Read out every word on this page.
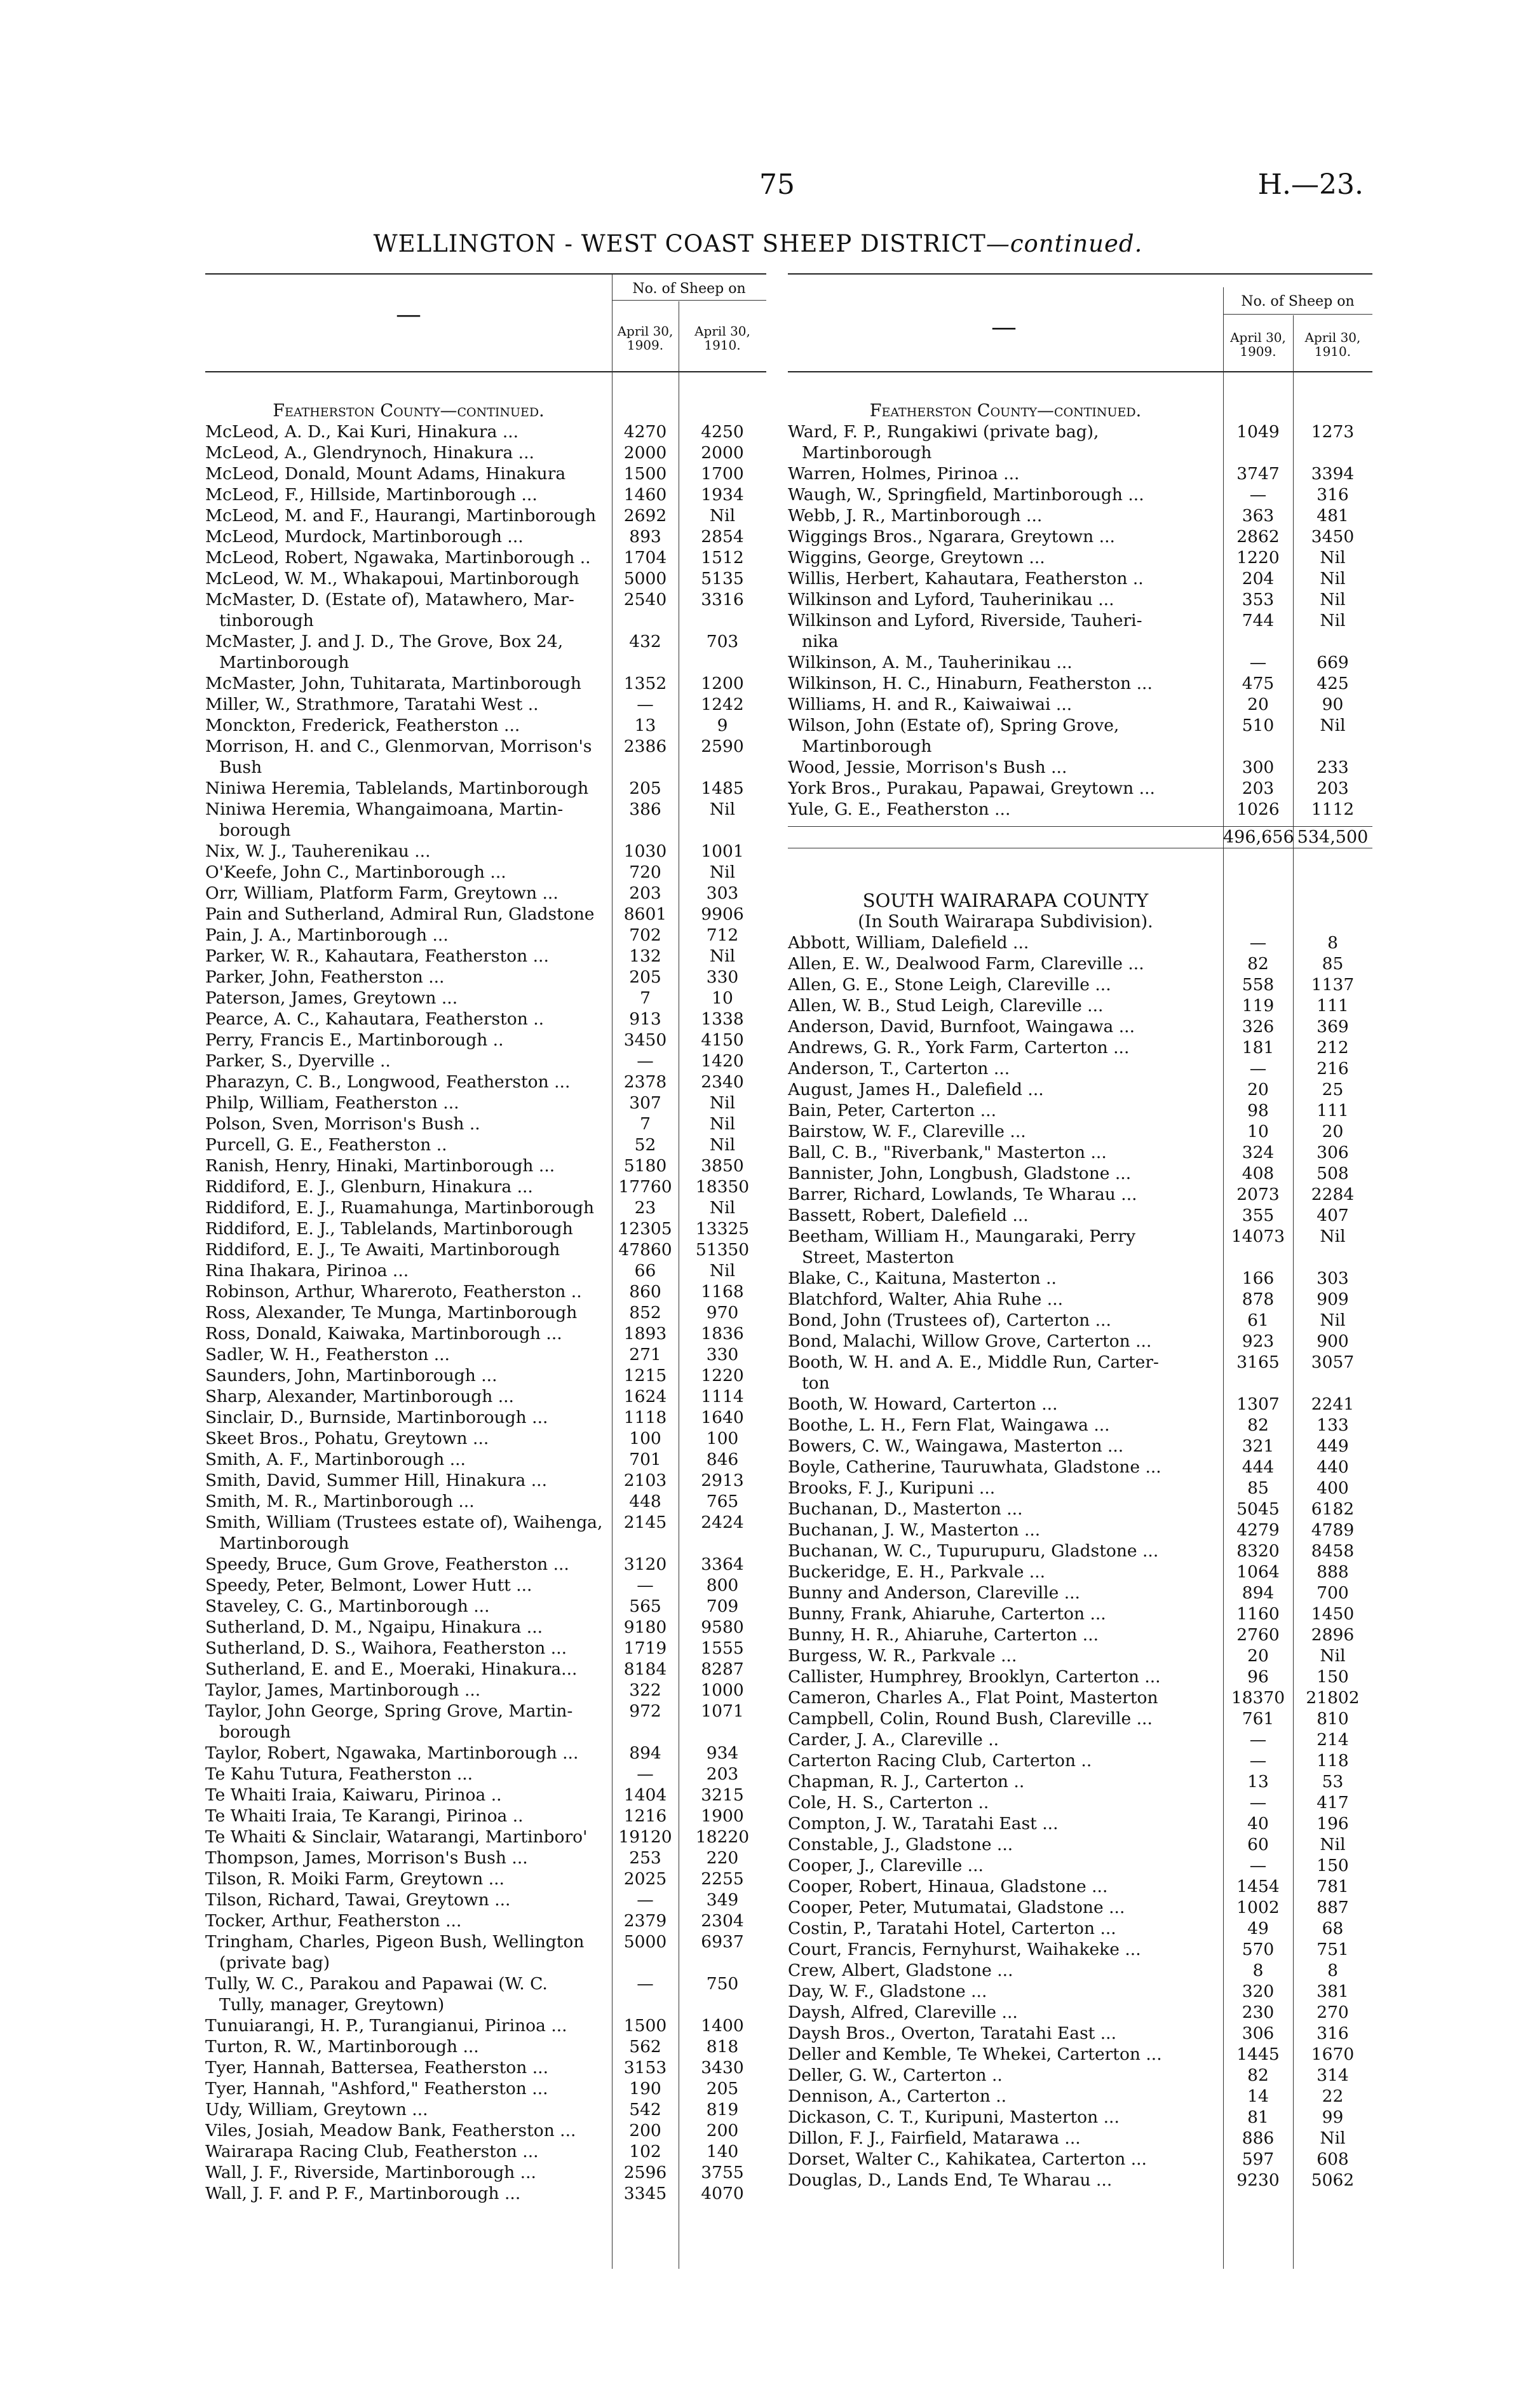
75	H.—23.
WELLINGTON - WEST COAST SHEEP DISTRICT—continued.
—
No. of Sheep on
April 30,
1909.
April 30,
1910.
Featherston County—continued.
McLeod, A. D., Kai Kuri, Hinakura ...	4270	4250
McLeod, A., Glendrynoch, Hinakura ...	2000	2000
McLeod, Donald, Mount Adams, Hinakura	1500	1700
McLeod, F., Hillside, Martinborough ...	1460	1934
McLeod, M. and F., Haurangi, Martinborough	2692	Nil
McLeod, Murdock, Martinborough ...	893	2854
McLeod, Robert, Ngawaka, Martinborough ..	1704	1512
McLeod, W. M., Whakapoui, Martinborough	5000	5135
McMaster, D. (Estate of), Matawhero, Mar-	2540	3316
tinborough
McMaster, J. and J. D., The Grove, Box 24,	432	703
Martinborough
McMaster, John, Tuhitarata, Martinborough	1352	1200
Miller, W., Strathmore, Taratahi West ..	—	1242
Monckton, Frederick, Featherston ...	13	9
Morrison, H. and C., Glenmorvan, Morrison's	2386	2590
Bush
Niniwa Heremia, Tablelands, Martinborough	205	1485
Niniwa Heremia, Whangaimoana, Martin-	386	Nil
borough
Nix, W. J., Tauherenikau ...	1030	1001
O'Keefe, John C., Martinborough ...	720	Nil
Orr, William, Platform Farm, Greytown ...	203	303
Pain and Sutherland, Admiral Run, Gladstone	8601	9906
Pain, J. A., Martinborough ...	702	712
Parker, W. R., Kahautara, Featherston ...	132	Nil
Parker, John, Featherston ...	205	330
Paterson, James, Greytown ...	7	10
Pearce, A. C., Kahautara, Featherston ..	913	1338
Perry, Francis E., Martinborough ..	3450	4150
Parker, S., Dyerville ..	—	1420
Pharazyn, C. B., Longwood, Featherston ...	2378	2340
Philp, William, Featherston ...	307	Nil
Polson, Sven, Morrison's Bush ..	7	Nil
Purcell, G. E., Featherston ..	52	Nil
Ranish, Henry, Hinaki, Martinborough ...	5180	3850
Riddiford, E. J., Glenburn, Hinakura ...	17760	18350
Riddiford, E. J., Ruamahunga, Martinborough	23	Nil
Riddiford, E. J., Tablelands, Martinborough	12305	13325
Riddiford, E. J., Te Awaiti, Martinborough	47860	51350
Rina Ihakara, Pirinoa ...	66	Nil
Robinson, Arthur, Whareroto, Featherston ..	860	1168
Ross, Alexander, Te Munga, Martinborough	852	970
Ross, Donald, Kaiwaka, Martinborough ...	1893	1836
Sadler, W. H., Featherston ...	271	330
Saunders, John, Martinborough ...	1215	1220
Sharp, Alexander, Martinborough ...	1624	1114
Sinclair, D., Burnside, Martinborough ...	1118	1640
Skeet Bros., Pohatu, Greytown ...	100	100
Smith, A. F., Martinborough ...	701	846
Smith, David, Summer Hill, Hinakura ...	2103	2913
Smith, M. R., Martinborough ...	448	765
Smith, William (Trustees estate of), Waihenga,	2145	2424
Martinborough
Speedy, Bruce, Gum Grove, Featherston ...	3120	3364
Speedy, Peter, Belmont, Lower Hutt ...	—	800
Staveley, C. G., Martinborough ...	565	709
Sutherland, D. M., Ngaipu, Hinakura ...	9180	9580
Sutherland, D. S., Waihora, Featherston ...	1719	1555
Sutherland, E. and E., Moeraki, Hinakura...	8184	8287
Taylor, James, Martinborough ...	322	1000
Taylor, John George, Spring Grove, Martin-	972	1071
borough
Taylor, Robert, Ngawaka, Martinborough ...	894	934
Te Kahu Tutura, Featherston ...	—	203
Te Whaiti Iraia, Kaiwaru, Pirinoa ..	1404	3215
Te Whaiti Iraia, Te Karangi, Pirinoa ..	1216	1900
Te Whaiti & Sinclair, Watarangi, Martinboro'	19120	18220
Thompson, James, Morrison's Bush ...	253	220
Tilson, R. Moiki Farm, Greytown ...	2025	2255
Tilson, Richard, Tawai, Greytown ...	—	349
Tocker, Arthur, Featherston ...	2379	2304
Tringham, Charles, Pigeon Bush, Wellington	5000	6937
(private bag)
Tully, W. C., Parakou and Papawai (W. C.	—	750
Tully, manager, Greytown)
Tunuiarangi, H. P., Turangianui, Pirinoa ...	1500	1400
Turton, R. W., Martinborough ...	562	818
Tyer, Hannah, Battersea, Featherston ...	3153	3430
Tyer, Hannah, "Ashford," Featherston ...	190	205
Udy, William, Greytown ...	542	819
Viles, Josiah, Meadow Bank, Featherston ...	200	200
Wairarapa Racing Club, Featherston ...	102	140
Wall, J. F., Riverside, Martinborough ...	2596	3755
Wall, J. F. and P. F., Martinborough ...	3345	4070
—
No. of Sheep on
April 30,
1909.
April 30,
1910.
Featherston County—continued.
Ward, F. P., Rungakiwi (private bag),	1049	1273
Martinborough
Warren, Holmes, Pirinoa ...	3747	3394
Waugh, W., Springfield, Martinborough ...	—	316
Webb, J. R., Martinborough ...	363	481
Wiggings Bros., Ngarara, Greytown ...	2862	3450
Wiggins, George, Greytown ...	1220	Nil
Willis, Herbert, Kahautara, Featherston ..	204	Nil
Wilkinson and Lyford, Tauherinikau ...	353	Nil
Wilkinson and Lyford, Riverside, Tauheri-	744	Nil
nika
Wilkinson, A. M., Tauherinikau ...	—	669
Wilkinson, H. C., Hinaburn, Featherston ...	475	425
Williams, H. and R., Kaiwaiwai ...	20	90
Wilson, John (Estate of), Spring Grove,	510	Nil
Martinborough
Wood, Jessie, Morrison's Bush ...	300	233
York Bros., Purakau, Papawai, Greytown ...	203	203
Yule, G. E., Featherston ...	1026	1112
496,656 534,500
SOUTH WAIRARAPA COUNTY
(In South Wairarapa Subdivision).
Abbott, William, Dalefield ...	—	8
Allen, E. W., Dealwood Farm, Clareville ...	82	85
Allen, G. E., Stone Leigh, Clareville ...	558	1137
Allen, W. B., Stud Leigh, Clareville ...	119	111
Anderson, David, Burnfoot, Waingawa ...	326	369
Andrews, G. R., York Farm, Carterton ...	181	212
Anderson, T., Carterton ...	—	216
August, James H., Dalefield ...	20	25
Bain, Peter, Carterton ...	98	111
Bairstow, W. F., Clareville ...	10	20
Ball, C. B., "Riverbank," Masterton ...	324	306
Bannister, John, Longbush, Gladstone ...	408	508
Barrer, Richard, Lowlands, Te Wharau ...	2073	2284
Bassett, Robert, Dalefield ...	355	407
Beetham, William H., Maungaraki, Perry	14073	Nil
Street, Masterton
Blake, C., Kaituna, Masterton ..	166	303
Blatchford, Walter, Ahia Ruhe ...	878	909
Bond, John (Trustees of), Carterton ...	61	Nil
Bond, Malachi, Willow Grove, Carterton ...	923	900
Booth, W. H. and A. E., Middle Run, Carter-	3165	3057
ton
Booth, W. Howard, Carterton ...	1307	2241
Boothe, L. H., Fern Flat, Waingawa ...	82	133
Bowers, C. W., Waingawa, Masterton ...	321	449
Boyle, Catherine, Tauruwhata, Gladstone ...	444	440
Brooks, F. J., Kuripuni ...	85	400
Buchanan, D., Masterton ...	5045	6182
Buchanan, J. W., Masterton ...	4279	4789
Buchanan, W. C., Tupurupuru, Gladstone ...	8320	8458
Buckeridge, E. H., Parkvale ...	1064	888
Bunny and Anderson, Clareville ...	894	700
Bunny, Frank, Ahiaruhe, Carterton ...	1160	1450
Bunny, H. R., Ahiaruhe, Carterton ...	2760	2896
Burgess, W. R., Parkvale ...	20	Nil
Callister, Humphrey, Brooklyn, Carterton ...	96	150
Cameron, Charles A., Flat Point, Masterton	18370	21802
Campbell, Colin, Round Bush, Clareville ...	761	810
Carder, J. A., Clareville ..	—	214
Carterton Racing Club, Carterton ..	—	118
Chapman, R. J., Carterton ..	13	53
Cole, H. S., Carterton ..	—	417
Compton, J. W., Taratahi East ...	40	196
Constable, J., Gladstone ...	60	Nil
Cooper, J., Clareville ...	—	150
Cooper, Robert, Hinaua, Gladstone ...	1454	781
Cooper, Peter, Mutumatai, Gladstone ...	1002	887
Costin, P., Taratahi Hotel, Carterton ...	49	68
Court, Francis, Fernyhurst, Waihakeke ...	570	751
Crew, Albert, Gladstone ...	8	8
Day, W. F., Gladstone ...	320	381
Daysh, Alfred, Clareville ...	230	270
Daysh Bros., Overton, Taratahi East ...	306	316
Deller and Kemble, Te Whekei, Carterton ...	1445	1670
Deller, G. W., Carterton ..	82	314
Dennison, A., Carterton ..	14	22
Dickason, C. T., Kuripuni, Masterton ...	81	99
Dillon, F. J., Fairfield, Matarawa ...	886	Nil
Dorset, Walter C., Kahikatea, Carterton ...	597	608
Douglas, D., Lands End, Te Wharau ...	9230	5062
